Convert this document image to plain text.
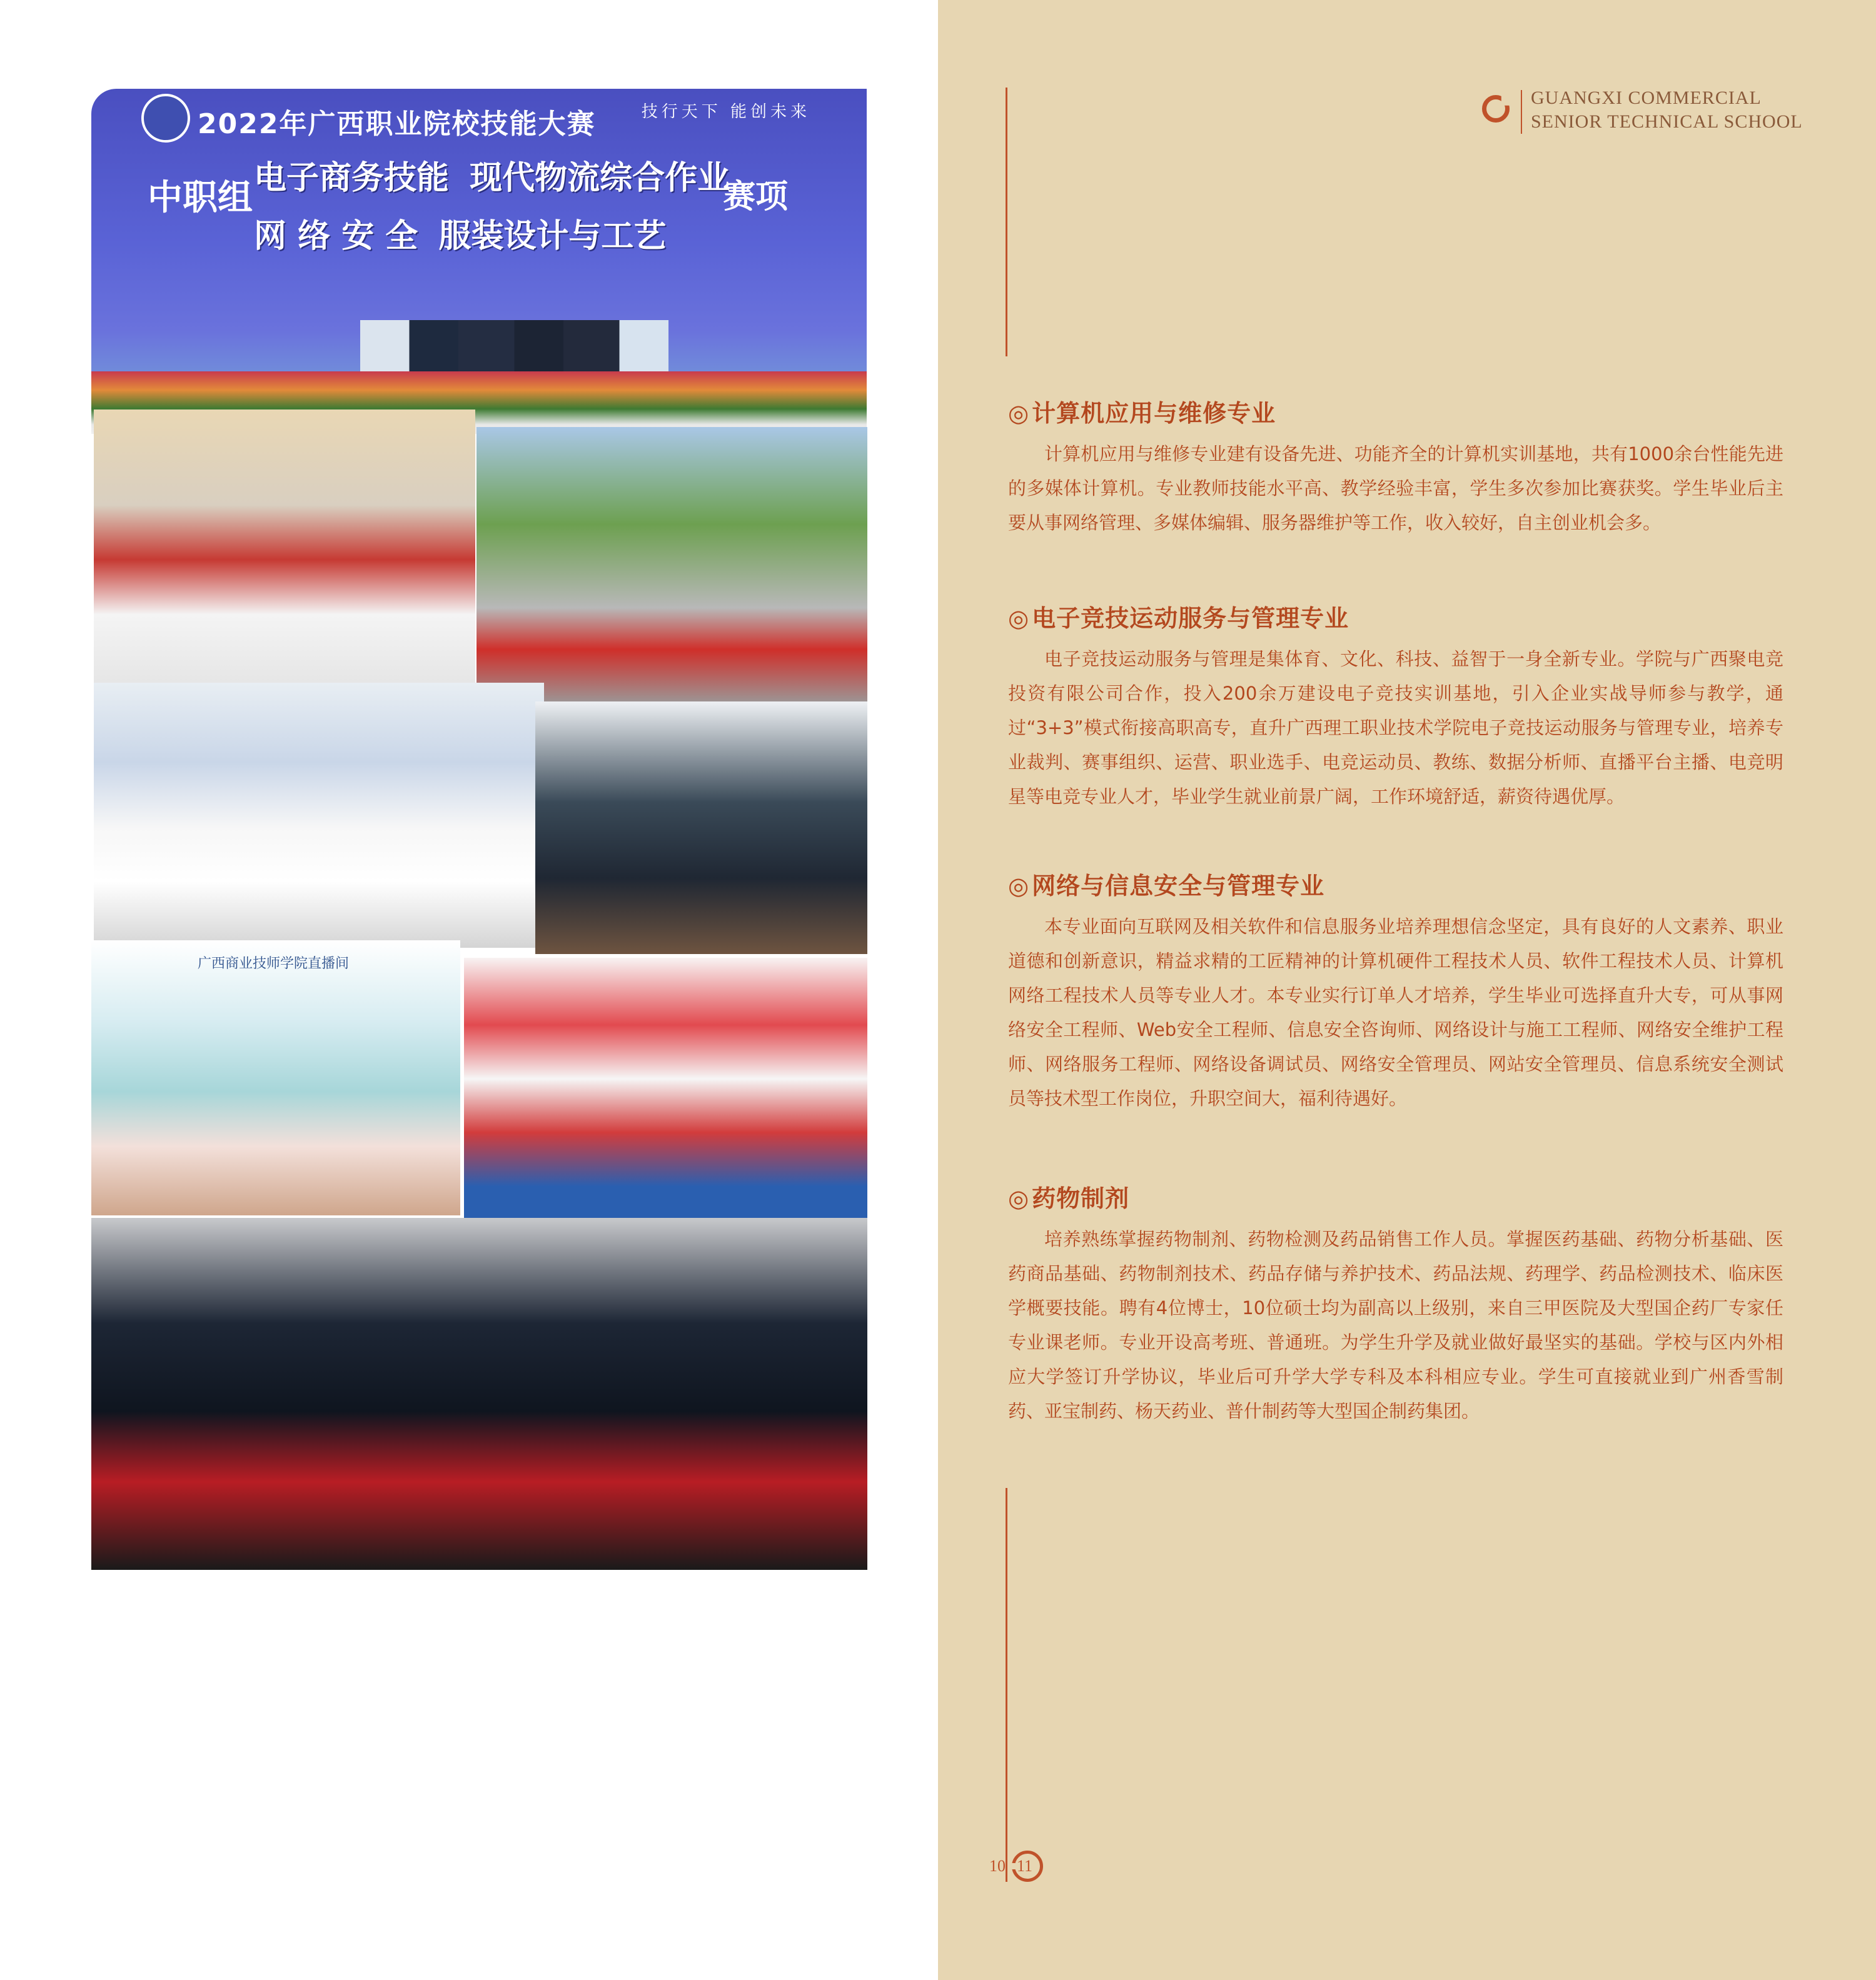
2022年广西职业院校技能大赛	技行天下 能创未来
中职组 电子商务技能 现代物流综合作业 网 络 安 全 服装设计与工艺
赛项
广西商业技师学院直播间
GUANGXI COMMERCIAL
SENIOR TECHNICAL SCHOOL
◎ 计算机应用与维修专业

计算机应用与维修专业建有设备先进、功能齐全的计算机实训基地，共有1000余台性能先进的多媒体计算机。专业教师技能水平高、教学经验丰富，学生多次参加比赛获奖。学生毕业后主要从事网络管理、多媒体编辑、服务器维护等工作，收入较好，自主创业机会多。

◎ 电子竞技运动服务与管理专业

电子竞技运动服务与管理是集体育、文化、科技、益智于一身全新专业。学院与广西聚电竞投资有限公司合作，投入200余万建设电子竞技实训基地，引入企业实战导师参与教学，通过“3+3”模式衔接高职高专，直升广西理工职业技术学院电子竞技运动服务与管理专业，培养专业裁判、赛事组织、运营、职业选手、电竞运动员、教练、数据分析师、直播平台主播、电竞明星等电竞专业人才，毕业学生就业前景广阔，工作环境舒适，薪资待遇优厚。

◎ 网络与信息安全与管理专业

本专业面向互联网及相关软件和信息服务业培养理想信念坚定，具有良好的人文素养、职业道德和创新意识，精益求精的工匠精神的计算机硬件工程技术人员、软件工程技术人员、计算机网络工程技术人员等专业人才。本专业实行订单人才培养，学生毕业可选择直升大专，可从事网络安全工程师、Web安全工程师、信息安全咨询师、网络设计与施工工程师、网络安全维护工程师、网络服务工程师、网络设备调试员、网络安全管理员、网站安全管理员、信息系统安全测试员等技术型工作岗位，升职空间大，福利待遇好。

◎ 药物制剂

培养熟练掌握药物制剂、药物检测及药品销售工作人员。掌握医药基础、药物分析基础、医药商品基础、药物制剂技术、药品存储与养护技术、药品法规、药理学、药品检测技术、临床医学概要技能。聘有4位博士，10位硕士均为副高以上级别，来自三甲医院及大型国企药厂专家任专业课老师。专业开设高考班、普通班。为学生升学及就业做好最坚实的基础。学校与区内外相应大学签订升学协议，毕业后可升学大学专科及本科相应专业。学生可直接就业到广州香雪制药、亚宝制药、杨天药业、普什制药等大型国企制药集团。

10 11
